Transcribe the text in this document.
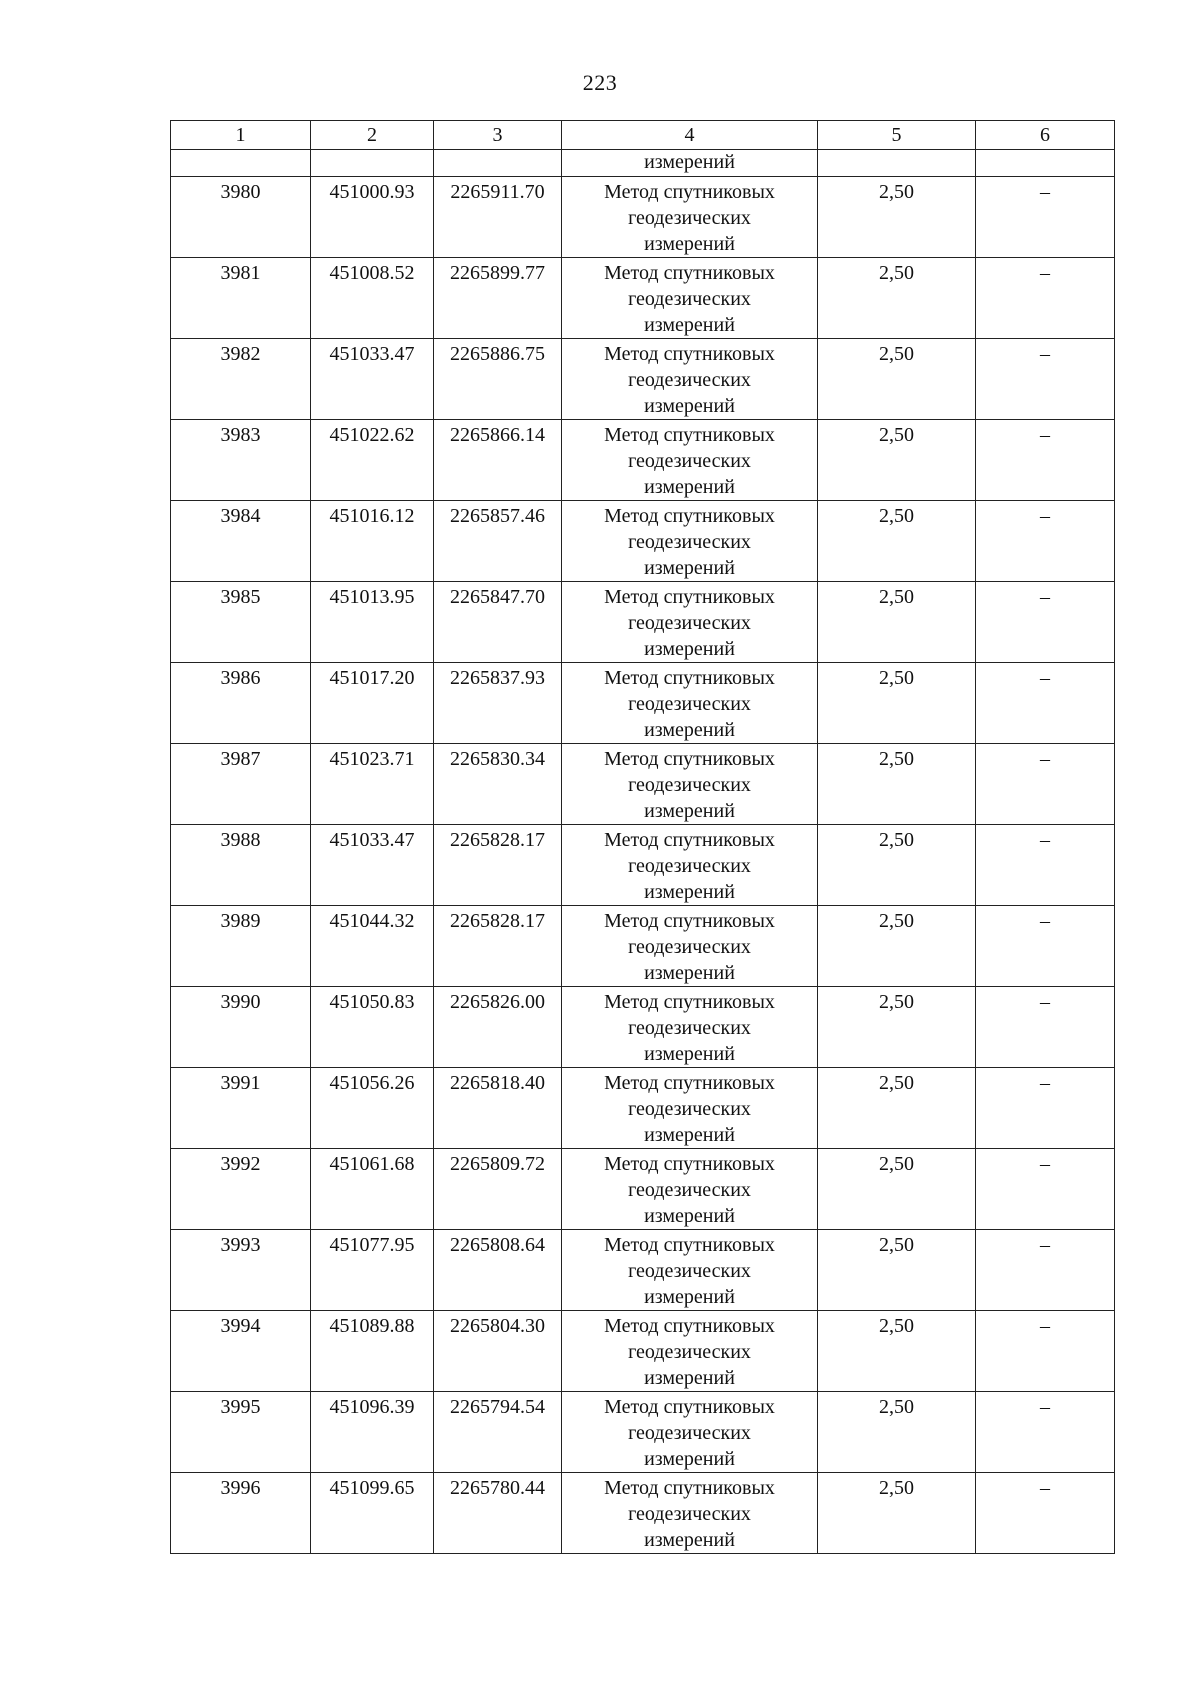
223
1	2	3	4	5	6
			измерений		
3980	451000.93	2265911.70	Метод спутниковых
геодезических
измерений	2,50	–
3981	451008.52	2265899.77	Метод спутниковых
геодезических
измерений	2,50	–
3982	451033.47	2265886.75	Метод спутниковых
геодезических
измерений	2,50	–
3983	451022.62	2265866.14	Метод спутниковых
геодезических
измерений	2,50	–
3984	451016.12	2265857.46	Метод спутниковых
геодезических
измерений	2,50	–
3985	451013.95	2265847.70	Метод спутниковых
геодезических
измерений	2,50	–
3986	451017.20	2265837.93	Метод спутниковых
геодезических
измерений	2,50	–
3987	451023.71	2265830.34	Метод спутниковых
геодезических
измерений	2,50	–
3988	451033.47	2265828.17	Метод спутниковых
геодезических
измерений	2,50	–
3989	451044.32	2265828.17	Метод спутниковых
геодезических
измерений	2,50	–
3990	451050.83	2265826.00	Метод спутниковых
геодезических
измерений	2,50	–
3991	451056.26	2265818.40	Метод спутниковых
геодезических
измерений	2,50	–
3992	451061.68	2265809.72	Метод спутниковых
геодезических
измерений	2,50	–
3993	451077.95	2265808.64	Метод спутниковых
геодезических
измерений	2,50	–
3994	451089.88	2265804.30	Метод спутниковых
геодезических
измерений	2,50	–
3995	451096.39	2265794.54	Метод спутниковых
геодезических
измерений	2,50	–
3996	451099.65	2265780.44	Метод спутниковых
геодезических
измерений	2,50	–
